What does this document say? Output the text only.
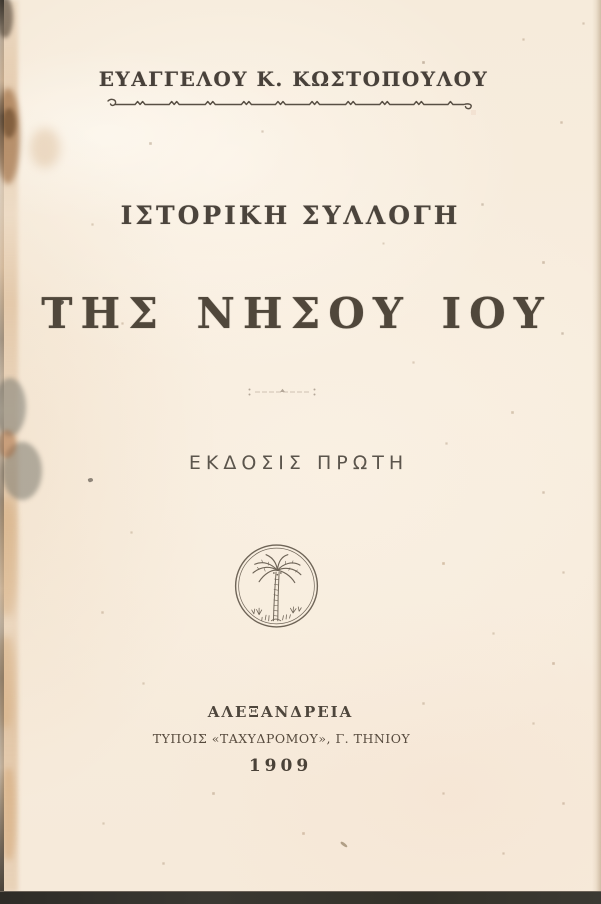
ΕΥΑΓΓΕΛΟΥ Κ. ΚΩΣΤΟΠΟΥΛΟΥ
ΙΣΤΟΡΙΚΗ ΣΥΛΛΟΓΗ
ΤΗΣ ΝΗΣΟΥ ΙΟΥ
ΕΚΔΟΣΙΣ ΠΡΩΤΗ
ΑΛΕΞΑΝΔΡΕΙΑ
ΤΥΠΟΙΣ «ΤΑΧΥΔΡΟΜΟΥ», Γ. ΤΗΝΙΟΥ
1909
